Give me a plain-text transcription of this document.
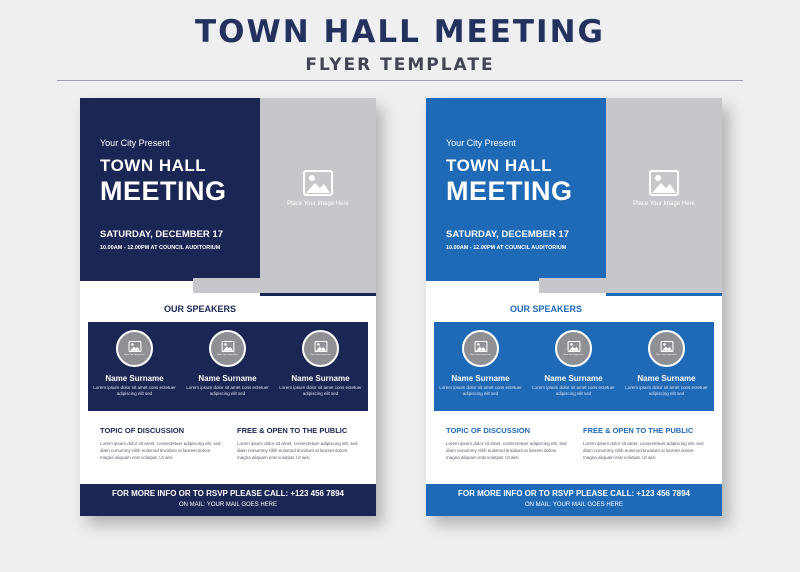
TOWN HALL MEETING
FLYER TEMPLATE
Your City Present
TOWN HALL
MEETING
SATURDAY, DECEMBER 17
10.00AM - 12.00PM AT COUNCIL AUDITORIUM
Place Your Image Here
OUR SPEAKERS
Place Your Image Here
Name Surname
Lorem ipsum dolor sit amet cons ectetuer adipiscing elit sed
Place Your Image Here
Name Surname
Lorem ipsum dolor sit amet cons ectetuer adipiscing elit sed
Place Your Image Here
Name Surname
Lorem ipsum dolor sit amet cons ectetuer adipiscing elit sed
TOPIC OF DISCUSSION
Lorem ipsum dolor sit amet, consectetuer adipiscing elit, sed diam nonummy nibh euismod tincidunt ut laoreet dolore magna aliquam erat volutpat. Ut wisi
FREE & OPEN TO THE PUBLIC
Lorem ipsum dolor sit amet, consectetuer adipiscing elit, sed diam nonummy nibh euismod tincidunt ut laoreet dolore magna aliquam erat volutpat. Ut wisi
FOR MORE INFO OR TO RSVP PLEASE CALL: +123 456 7894
ON MAIL: YOUR MAIL GOES HERE
Your City Present
TOWN HALL
MEETING
SATURDAY, DECEMBER 17
10.00AM - 12.00PM AT COUNCIL AUDITORIUM
Place Your Image Here
OUR SPEAKERS
Place Your Image Here
Name Surname
Lorem ipsum dolor sit amet cons ectetuer adipiscing elit sed
Place Your Image Here
Name Surname
Lorem ipsum dolor sit amet cons ectetuer adipiscing elit sed
Place Your Image Here
Name Surname
Lorem ipsum dolor sit amet cons ectetuer adipiscing elit sed
TOPIC OF DISCUSSION
Lorem ipsum dolor sit amet, consectetuer adipiscing elit, sed diam nonummy nibh euismod tincidunt ut laoreet dolore magna aliquam erat volutpat. Ut wisi
FREE & OPEN TO THE PUBLIC
Lorem ipsum dolor sit amet, consectetuer adipiscing elit, sed diam nonummy nibh euismod tincidunt ut laoreet dolore magna aliquam erat volutpat. Ut wisi
FOR MORE INFO OR TO RSVP PLEASE CALL: +123 456 7894
ON MAIL: YOUR MAIL GOES HERE
